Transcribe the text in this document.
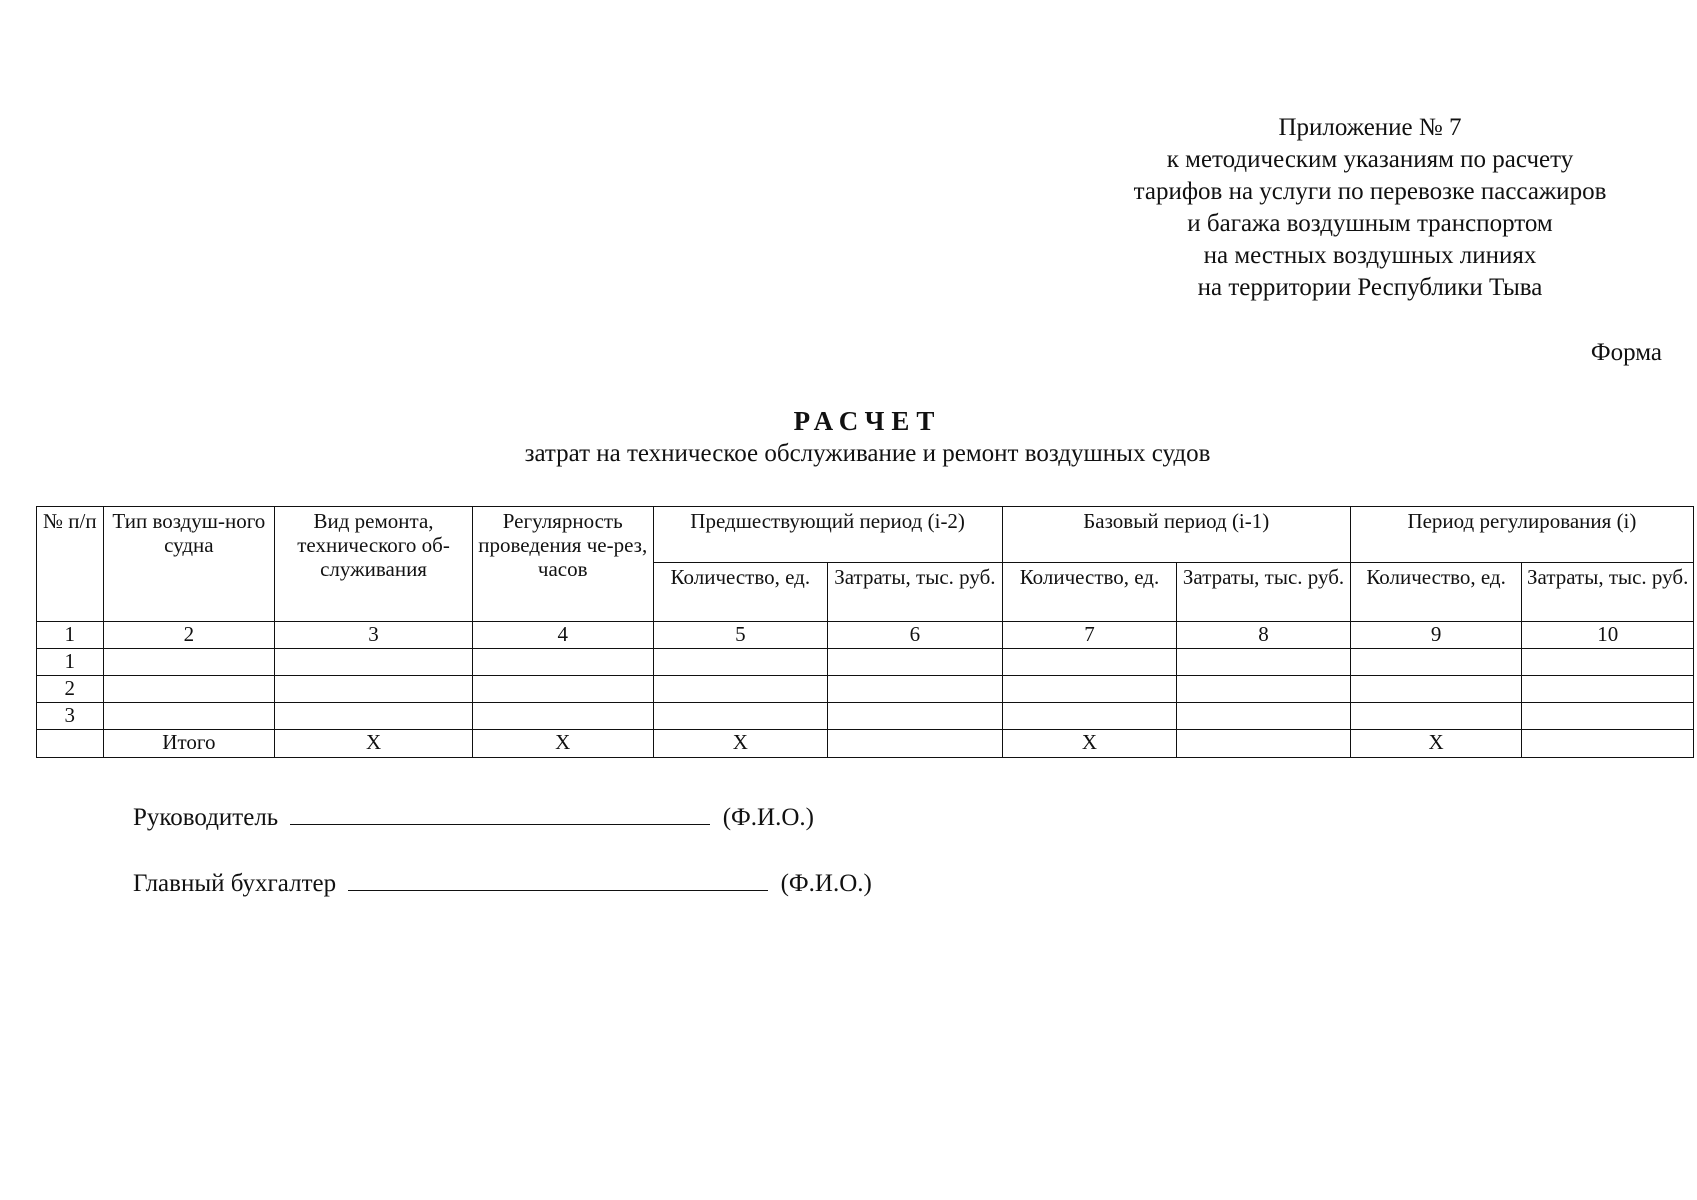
Приложение № 7
к методическим указаниям по расчету
тарифов на услуги по перевозке пассажиров
и багажа воздушным транспортом
на местных воздушных линиях
на территории Республики Тыва
Форма
РАСЧЕТ
затрат на техническое обслуживание и ремонт воздушных судов
№ п/п	Тип воздуш-ного судна	Вид ремонта, технического об-служивания	Регулярность проведения че-рез, часов	Предшествующий период (i-2)		Базовый период (i-1)		Период регулирования (i)	
				Количество, ед.	Затраты, тыс. руб.	Количество, ед.	Затраты, тыс. руб.	Количество, ед.	Затраты, тыс. руб.
1	2	3	4	5	6	7	8	9	10
1									
2									
3									
	Итого	X	X	X		X		X	
Руководитель	(Ф.И.О.)
Главный бухгалтер	(Ф.И.О.)
